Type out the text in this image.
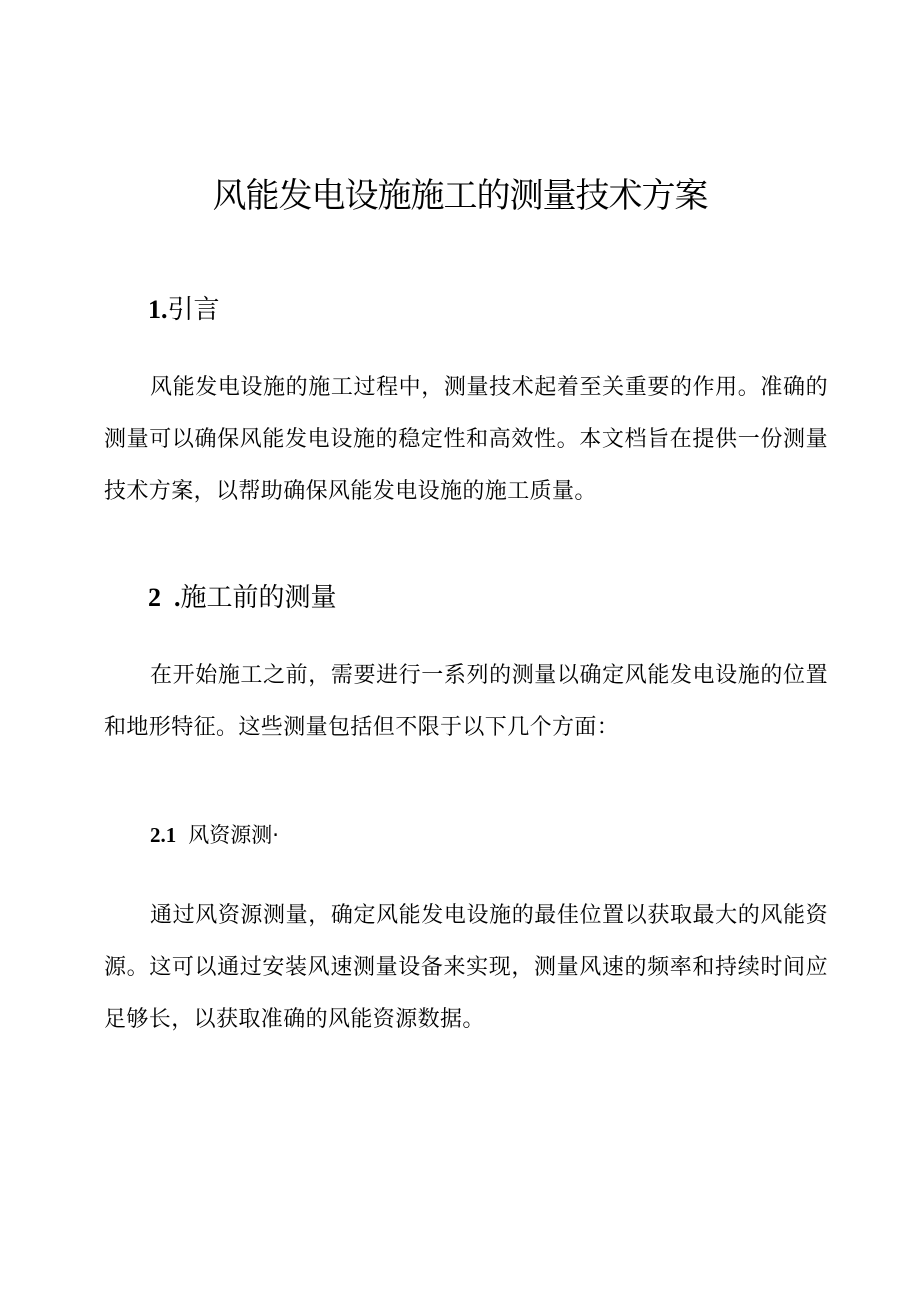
风能发电设施施工的测量技术方案
1.引言

风能发电设施的施工过程中，测量技术起着至关重要的作用。准确的测量可以确保风能发电设施的稳定性和高效性。本文档旨在提供一份测量技术方案，以帮助确保风能发电设施的施工质量。

2  .施工前的测量

在开始施工之前，需要进行一系列的测量以确定风能发电设施的位置和地形特征。这些测量包括但不限于以下几个方面：

2.1 风资源测·

通过风资源测量，确定风能发电设施的最佳位置以获取最大的风能资源。这可以通过安装风速测量设备来实现，测量风速的频率和持续时间应足够长，以获取准确的风能资源数据。
